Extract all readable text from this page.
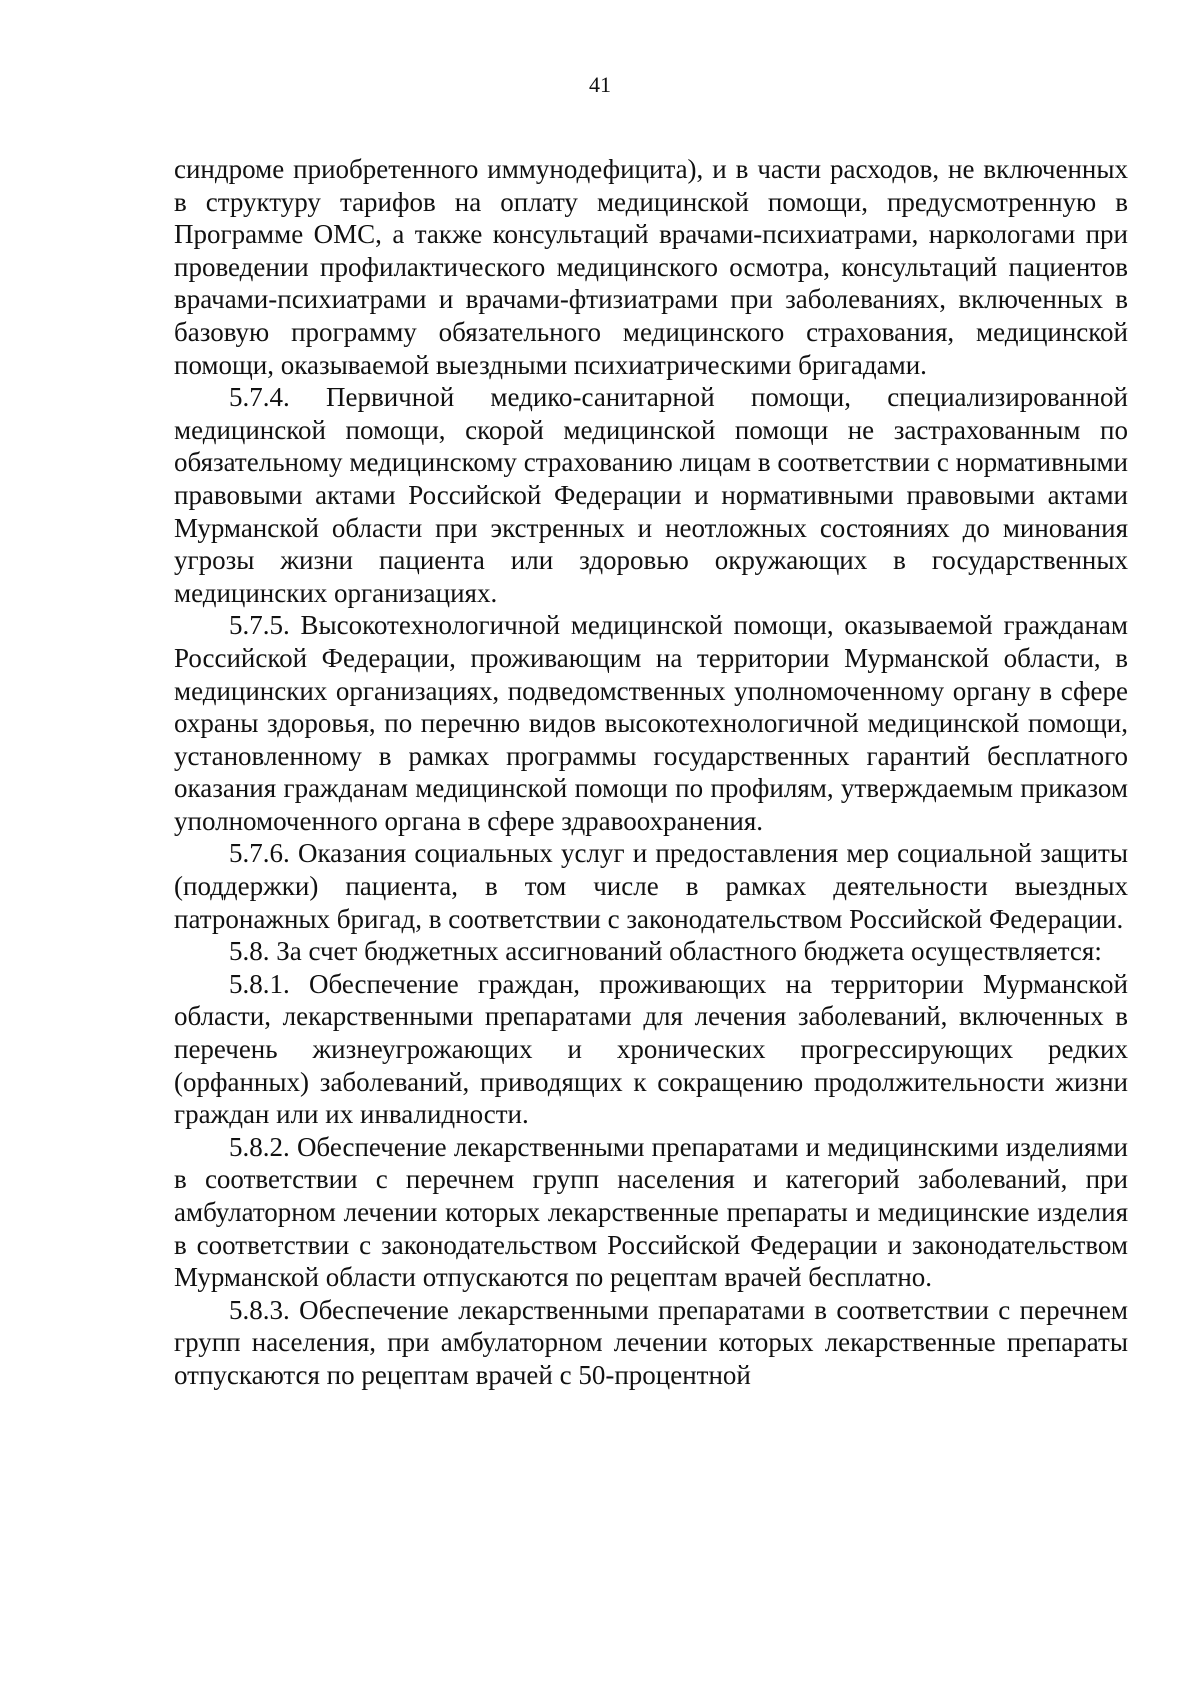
41

синдроме приобретенного иммунодефицита), и в части расходов, не включенных в структуру тарифов на оплату медицинской помощи, предусмотренную в Программе ОМС, а также консультаций врачами-психиатрами, наркологами при проведении профилактического медицинского осмотра, консультаций пациентов врачами-психиатрами и врачами-фтизиатрами при заболеваниях, включенных в базовую программу обязательного медицинского страхования, медицинской помощи, оказываемой выездными психиатрическими бригадами.

5.7.4. Первичной медико-санитарной помощи, специализированной медицинской помощи, скорой медицинской помощи не застрахованным по обязательному медицинскому страхованию лицам в соответствии с нормативными правовыми актами Российской Федерации и нормативными правовыми актами Мурманской области при экстренных и неотложных состояниях до минования угрозы жизни пациента или здоровью окружающих в государственных медицинских организациях.

5.7.5. Высокотехнологичной медицинской помощи, оказываемой гражданам Российской Федерации, проживающим на территории Мурманской области, в медицинских организациях, подведомственных уполномоченному органу в сфере охраны здоровья, по перечню видов высокотехнологичной медицинской помощи, установленному в рамках программы государственных гарантий бесплатного оказания гражданам медицинской помощи по профилям, утверждаемым приказом уполномоченного органа в сфере здравоохранения.

5.7.6. Оказания социальных услуг и предоставления мер социальной защиты (поддержки) пациента, в том числе в рамках деятельности выездных патронажных бригад, в соответствии с законодательством Российской Федерации.

5.8. За счет бюджетных ассигнований областного бюджета осуществляется:

5.8.1. Обеспечение граждан, проживающих на территории Мурманской области, лекарственными препаратами для лечения заболеваний, включенных в перечень жизнеугрожающих и хронических прогрессирующих редких (орфанных) заболеваний, приводящих к сокращению продолжительности жизни граждан или их инвалидности.

5.8.2. Обеспечение лекарственными препаратами и медицинскими изделиями в соответствии с перечнем групп населения и категорий заболеваний, при амбулаторном лечении которых лекарственные препараты и медицинские изделия в соответствии с законодательством Российской Федерации и законодательством Мурманской области отпускаются по рецептам врачей бесплатно.

5.8.3. Обеспечение лекарственными препаратами в соответствии с перечнем групп населения, при амбулаторном лечении которых лекарственные препараты отпускаются по рецептам врачей с 50-процентной
